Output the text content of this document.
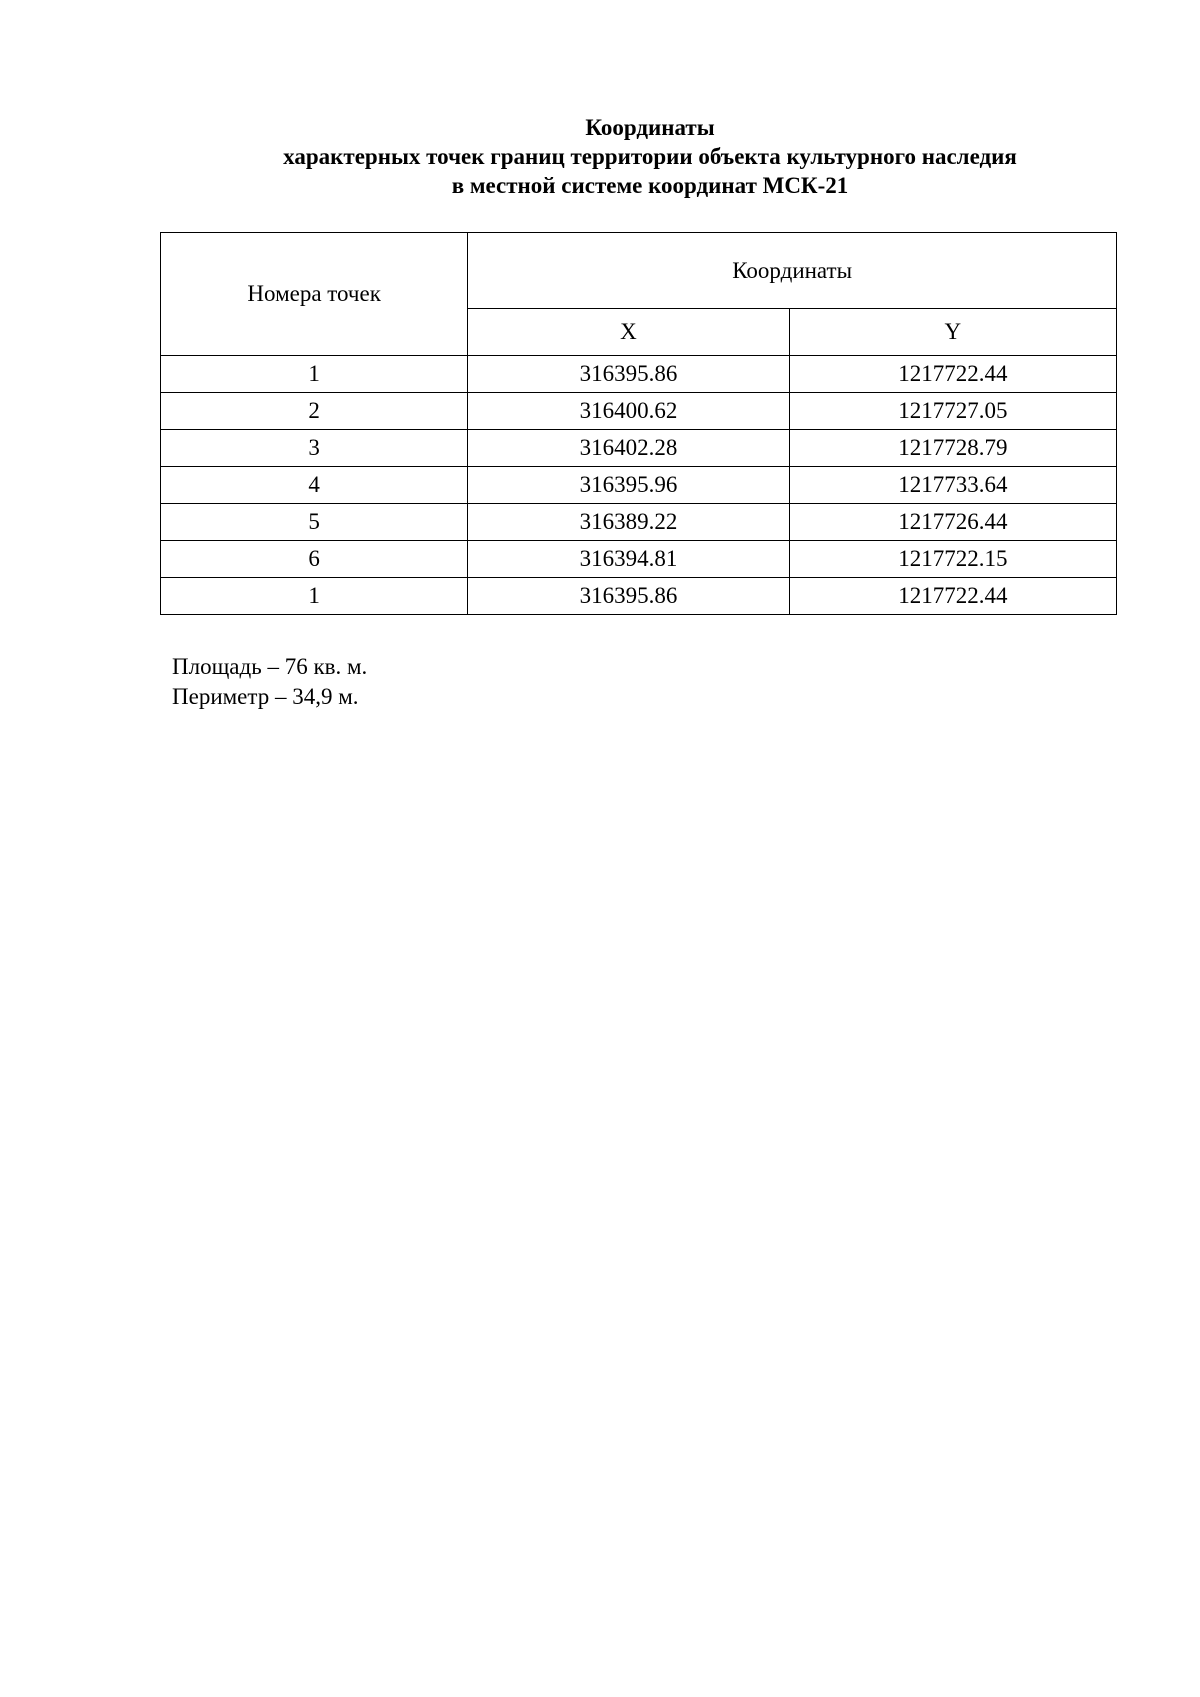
Координаты
характерных точек границ территории объекта культурного наследия
в местной системе координат МСК-21
Номера точек	Координаты	
	X	Y
1	316395.86	1217722.44
2	316400.62	1217727.05
3	316402.28	1217728.79
4	316395.96	1217733.64
5	316389.22	1217726.44
6	316394.81	1217722.15
1	316395.86	1217722.44
Площадь – 76 кв. м.
Периметр – 34,9 м.
